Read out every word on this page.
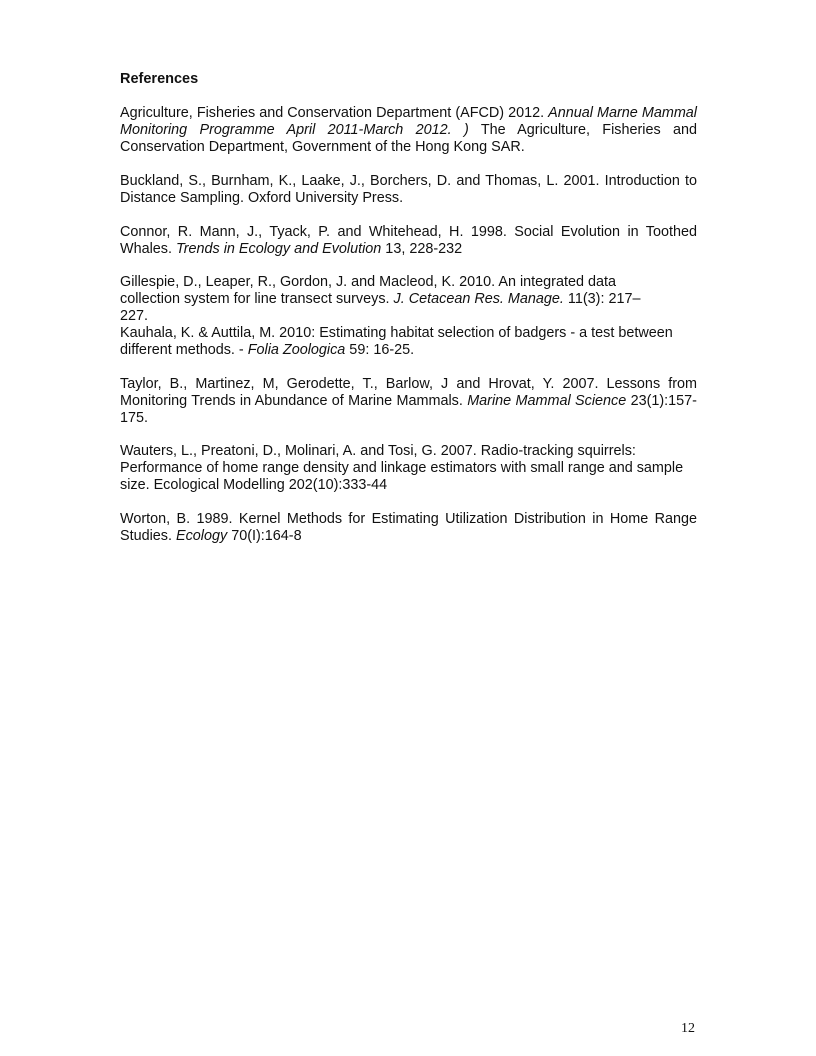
References

Agriculture, Fisheries and Conservation Department (AFCD) 2012. Annual Marne Mammal Monitoring Programme April 2011-March 2012. ) The Agriculture, Fisheries and Conservation Department, Government of the Hong Kong SAR.

Buckland, S., Burnham, K., Laake, J., Borchers, D. and Thomas, L. 2001. Introduction to Distance Sampling. Oxford University Press.

Connor, R. Mann, J., Tyack, P. and Whitehead, H. 1998. Social Evolution in Toothed Whales. Trends in Ecology and Evolution 13, 228-232

Gillespie, D., Leaper, R., Gordon, J. and Macleod, K. 2010. An integrated data collection system for line transect surveys. J. Cetacean Res. Manage. 11(3): 217–227.

Kauhala, K. & Auttila, M. 2010: Estimating habitat selection of badgers - a test between different methods. - Folia Zoologica 59: 16-25.

Taylor, B., Martinez, M, Gerodette, T., Barlow, J and Hrovat, Y. 2007. Lessons from Monitoring Trends in Abundance of Marine Mammals. Marine Mammal Science 23(1):157-175.

Wauters, L., Preatoni, D., Molinari, A. and Tosi, G. 2007. Radio-tracking squirrels: Performance of home range density and linkage estimators with small range and sample size. Ecological Modelling 202(10):333-44

Worton, B. 1989. Kernel Methods for Estimating Utilization Distribution in Home Range Studies. Ecology 70(I):164-8

12
